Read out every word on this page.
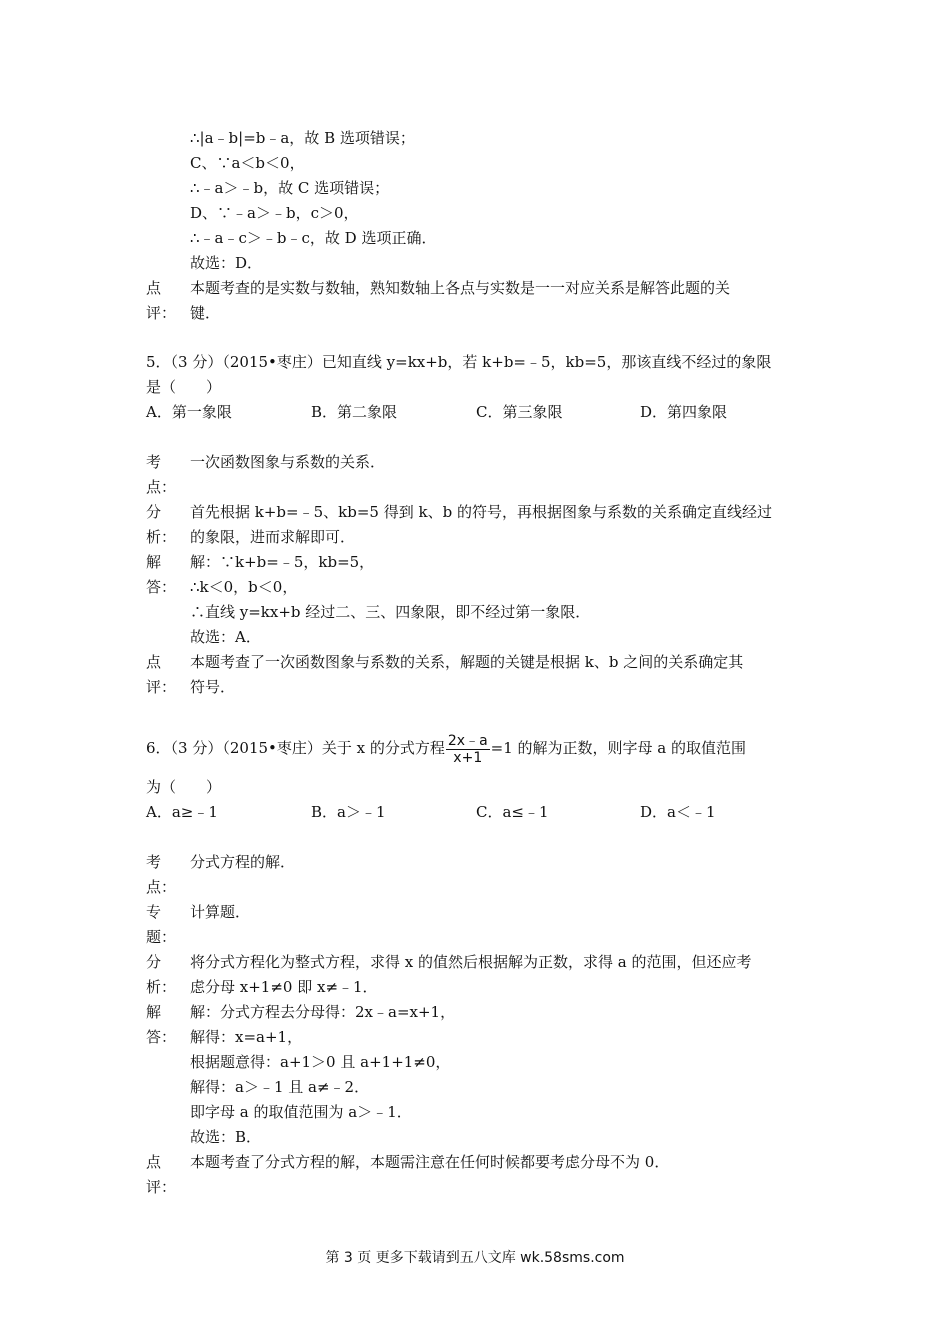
∴|a﹣b|=b﹣a，故 B 选项错误；
C、∵a＜b＜0，
∴﹣a＞﹣b，故 C 选项错误；
D、∵﹣a＞﹣b，c＞0，
∴﹣a﹣c＞﹣b﹣c，故 D 选项正确．
故选：D．
点
评：
本题考查的是实数与数轴，熟知数轴上各点与实数是一一对应关系是解答此题的关
键．
5．（3 分）（2015•枣庄）已知直线 y=kx+b，若 k+b=﹣5，kb=5，那该直线不经过的象限
是（　　）
A．第一象限	B．第二象限	C．第三象限	D．第四象限
考
点：
一次函数图象与系数的关系．
分
析：
首先根据 k+b=﹣5、kb=5 得到 k、b 的符号，再根据图象与系数的关系确定直线经过
的象限，进而求解即可．
解
答：
解：∵k+b=﹣5，kb=5，
∴k＜0，b＜0，
∴直线 y=kx+b 经过二、三、四象限，即不经过第一象限．
故选：A．
点
评：
本题考查了一次函数图象与系数的关系，解题的关键是根据 k、b 之间的关系确定其
符号．
6．（3 分）（2015•枣庄）关于 x 的分式方程 $\frac{2x﹣a}{x+1} =1$ 的解为正数，则字母 a 的取值范围
为（　　）
A．a≥﹣1	B．a＞﹣1	C．a≤﹣1	D．a＜﹣1
考
点：
分式方程的解．
专
题：
计算题．
分
析：
将分式方程化为整式方程，求得 x 的值然后根据解为正数，求得 a 的范围，但还应考
虑分母 x+1≠0 即 x≠﹣1．
解
答：
解：分式方程去分母得：2x﹣a=x+1，
解得：x=a+1，
根据题意得：a+1＞0 且 a+1+1≠0，
解得：a＞﹣1 且 a≠﹣2．
即字母 a 的取值范围为 a＞﹣1．
故选：B．
点
评：
本题考查了分式方程的解，本题需注意在任何时候都要考虑分母不为 0．
第 3 页 更多下载请到五八文库 wk.58sms.com
